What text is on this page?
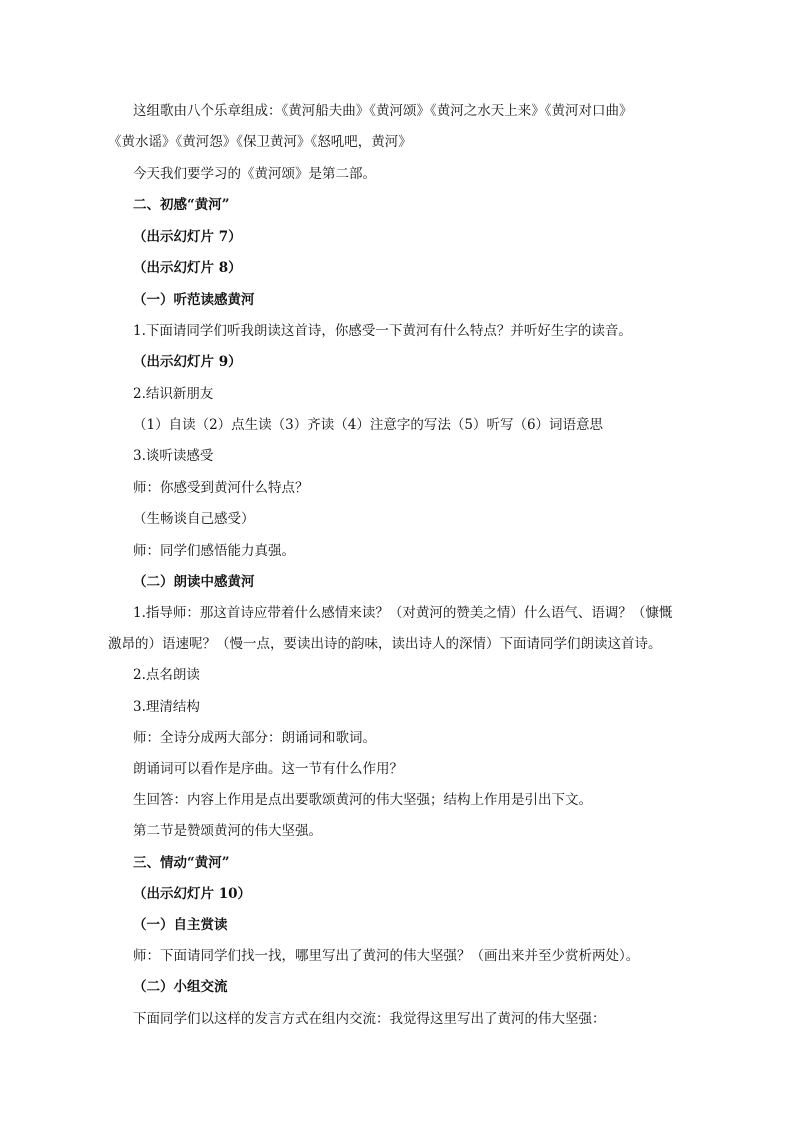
这组歌由八个乐章组成：《黄河船夫曲》《黄河颂》《黄河之水天上来》《黄河对口曲》
《黄水谣》《黄河怨》《保卫黄河》《怒吼吧，黄河》
今天我们要学习的《黄河颂》是第二部。
二、初感“黄河”
（出示幻灯片 7）
（出示幻灯片 8）
（一）听范读感黄河
1.下面请同学们听我朗读这首诗，你感受一下黄河有什么特点？并听好生字的读音。
（出示幻灯片 9）
2.结识新朋友
（1）自读（2）点生读（3）齐读（4）注意字的写法（5）听写（6）词语意思
3.谈听读感受
师：你感受到黄河什么特点？
（生畅谈自己感受）
师：同学们感悟能力真强。
（二）朗读中感黄河
1.指导师：那这首诗应带着什么感情来读？（对黄河的赞美之情）什么语气、语调？（慷慨
激昂的）语速呢？（慢一点，要读出诗的韵味，读出诗人的深情）下面请同学们朗读这首诗。
2.点名朗读
3.理清结构
师：全诗分成两大部分：朗诵词和歌词。
朗诵词可以看作是序曲。这一节有什么作用？
生回答：内容上作用是点出要歌颂黄河的伟大坚强；结构上作用是引出下文。
第二节是赞颂黄河的伟大坚强。
三、情动“黄河”
（出示幻灯片 10）
（一）自主赏读
师：下面请同学们找一找，哪里写出了黄河的伟大坚强？（画出来并至少赏析两处）。
（二）小组交流
下面同学们以这样的发言方式在组内交流：我觉得这里写出了黄河的伟大坚强：
